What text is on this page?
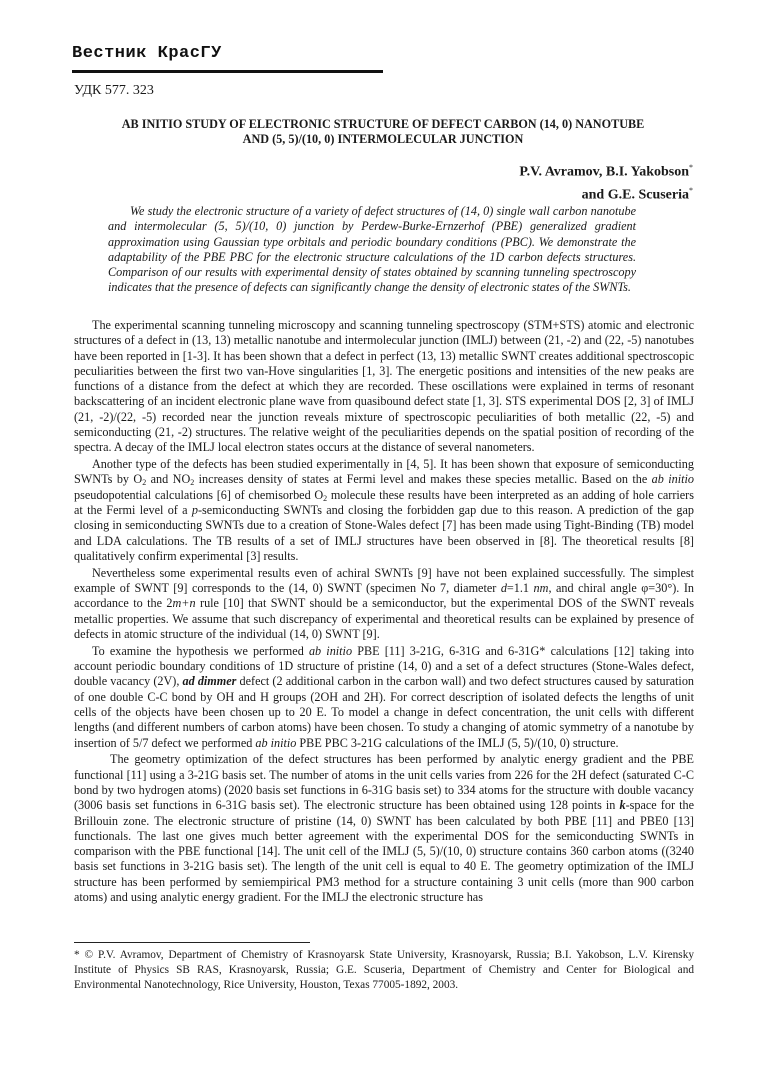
Вестник КрасГУ
УДК 577. 323
AB INITIO STUDY OF ELECTRONIC STRUCTURE OF DEFECT CARBON (14, 0) NANOTUBE
AND (5, 5)/(10, 0) INTERMOLECULAR JUNCTION
P.V. Avramov, B.I. Yakobson*
and G.E. Scuseria*

We study the electronic structure of a variety of defect structures of (14, 0) single wall carbon nanotube and intermolecular (5, 5)/(10, 0) junction by Perdew-Burke-Ernzerhof (PBE) generalized gradient approximation using Gaussian type orbitals and periodic boundary conditions (PBC). We demonstrate the adaptability of the PBE PBC for the electronic structure calculations of the 1D carbon defects structures. Comparison of our results with experimental density of states obtained by scanning tunneling spectroscopy indicates that the presence of defects can significantly change the density of electronic states of the SWNTs.

The experimental scanning tunneling microscopy and scanning tunneling spectroscopy (STM+STS) atomic and electronic structures of a defect in (13, 13) metallic nanotube and intermolecular junction (IMLJ) between (21, -2) and (22, -5) nanotubes have been reported in [1-3]. It has been shown that a defect in perfect (13, 13) metallic SWNT creates additional spectroscopic peculiarities between the first two van-Hove singularities [1, 3]. The energetic positions and intensities of the new peaks are functions of a distance from the defect at which they are recorded. These oscillations were explained in terms of resonant backscattering of an incident electronic plane wave from quasibound defect state [1, 3]. STS experimental DOS [2, 3] of IMLJ (21, -2)/(22, -5) recorded near the junction reveals mixture of spectroscopic peculiarities of both metallic (22, -5) and semiconducting (21, -2) structures. The relative weight of the peculiarities depends on the spatial position of recording of the spectra. A decay of the IMLJ local electron states occurs at the distance of several nanometers.

Another type of the defects has been studied experimentally in [4, 5]. It has been shown that exposure of semiconducting SWNTs by $O_2$ and $NO_2$ increases density of states at Fermi level and makes these species metallic. Based on the ab initio pseudopotential calculations [6] of chemisorbed $O_2$ molecule these results have been interpreted as an adding of hole carriers at the Fermi level of a p-semiconducting SWNTs and closing the forbidden gap due to this reason. A prediction of the gap closing in semiconducting SWNTs due to a creation of Stone-Wales defect [7] has been made using Tight-Binding (TB) model and LDA calculations. The TB results of a set of IMLJ structures have been observed in [8]. The theoretical results [8] qualitatively confirm experimental [3] results.

Nevertheless some experimental results even of achiral SWNTs [9] have not been explained successfully. The simplest example of SWNT [9] corresponds to the (14, 0) SWNT (specimen No 7, diameter d=1.1 nm, and chiral angle φ=30°). In accordance to the 2m+n rule [10] that SWNT should be a semiconductor, but the experimental DOS of the SWNT reveals metallic properties. We assume that such discrepancy of experimental and theoretical results can be explained by presence of defects in atomic structure of the individual (14, 0) SWNT [9].

To examine the hypothesis we performed ab initio PBE [11] 3-21G, 6-31G and 6-31G* calculations [12] taking into account periodic boundary conditions of 1D structure of pristine (14, 0) and a set of a defect structures (Stone-Wales defect, double vacancy (2V), ad dimmer defect (2 additional carbon in the carbon wall) and two defect structures caused by saturation of one double C-C bond by OH and H groups (2OH and 2H). For correct description of isolated defects the lengths of unit cells of the objects have been chosen up to 20 E. To model a change in defect concentration, the unit cells with different lengths (and different numbers of carbon atoms) have been chosen. To study a changing of atomic symmetry of a nanotube by insertion of 5/7 defect we performed ab initio PBE PBC 3-21G calculations of the IMLJ (5, 5)/(10, 0) structure.

The geometry optimization of the defect structures has been performed by analytic energy gradient and the PBE functional [11] using a 3-21G basis set. The number of atoms in the unit cells varies from 226 for the 2H defect (saturated C-C bond by two hydrogen atoms) (2020 basis set functions in 6-31G basis set) to 334 atoms for the structure with double vacancy (3006 basis set functions in 6-31G basis set). The electronic structure has been obtained using 128 points in k-space for the Brillouin zone. The electronic structure of pristine (14, 0) SWNT has been calculated by both PBE [11] and PBE0 [13] functionals. The last one gives much better agreement with the experimental DOS for the semiconducting SWNTs in comparison with the PBE functional [14]. The unit cell of the IMLJ (5, 5)/(10, 0) structure contains 360 carbon atoms ((3240 basis set functions in 3-21G basis set). The length of the unit cell is equal to 40 E. The geometry optimization of the IMLJ structure has been performed by semiempirical PM3 method for a structure containing 3 unit cells (more than 900 carbon atoms) and using analytic energy gradient. For the IMLJ the electronic structure has

* © P.V. Avramov, Department of Chemistry of Krasnoyarsk State University, Krasnoyarsk, Russia; B.I. Yakobson, L.V. Kirensky Institute of Physics SB RAS, Krasnoyarsk, Russia; G.E. Scuseria, Department of Chemistry and Center for Biological and Environmental Nanotechnology, Rice University, Houston, Texas 77005-1892, 2003.
